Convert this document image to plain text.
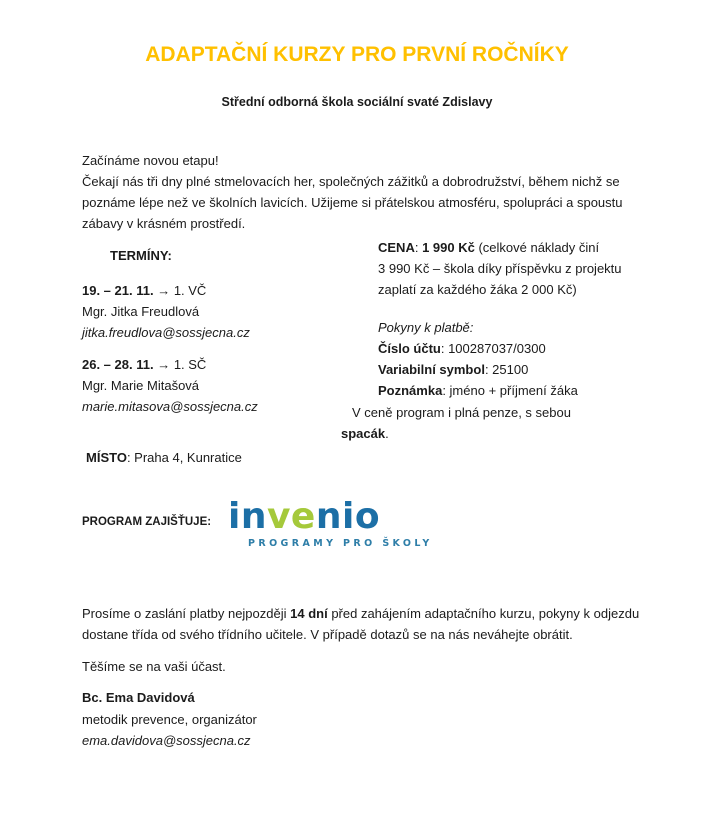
ADAPTAČNÍ KURZY PRO PRVNÍ ROČNÍKY
Střední odborná škola sociální svaté Zdislavy
Začínáme novou etapu!
Čekají nás tři dny plné stmelovacích her, společných zážitků a dobrodružství, během nichž se
poznáme lépe než ve školních lavicích. Užijeme si přátelskou atmosféru, spolupráci a spoustu
zábavy v krásném prostředí.
TERMÍNY:
19. – 21. 11. → 1. VČ
Mgr. Jitka Freudlová
jitka.freudlova@sossjecna.cz
26. – 28. 11. → 1. SČ
Mgr. Marie Mitašová
marie.mitasova@sossjecna.cz
CENA: 1 990 Kč (celkové náklady činí
3 990 Kč – škola díky příspěvku z projektu
zaplatí za každého žáka 2 000 Kč)
Pokyny k platbě:
Číslo účtu: 100287037/0300
Variabilní symbol: 25100
Poznámka: jméno + příjmení žáka
V ceně program i plná penze, s sebou
spacák.
MÍSTO: Praha 4, Kunratice
PROGRAM ZAJIŠŤUJE: invenio
PROGRAMY PRO ŠKOLY
Prosíme o zaslání platby nejpozději 14 dní před zahájením adaptačního kurzu, pokyny k odjezdu
dostane třída od svého třídního učitele. V případě dotazů se na nás neváhejte obrátit.
Těšíme se na vaši účast.
Bc. Ema Davidová
metodik prevence, organizátor
ema.davidova@sossjecna.cz
